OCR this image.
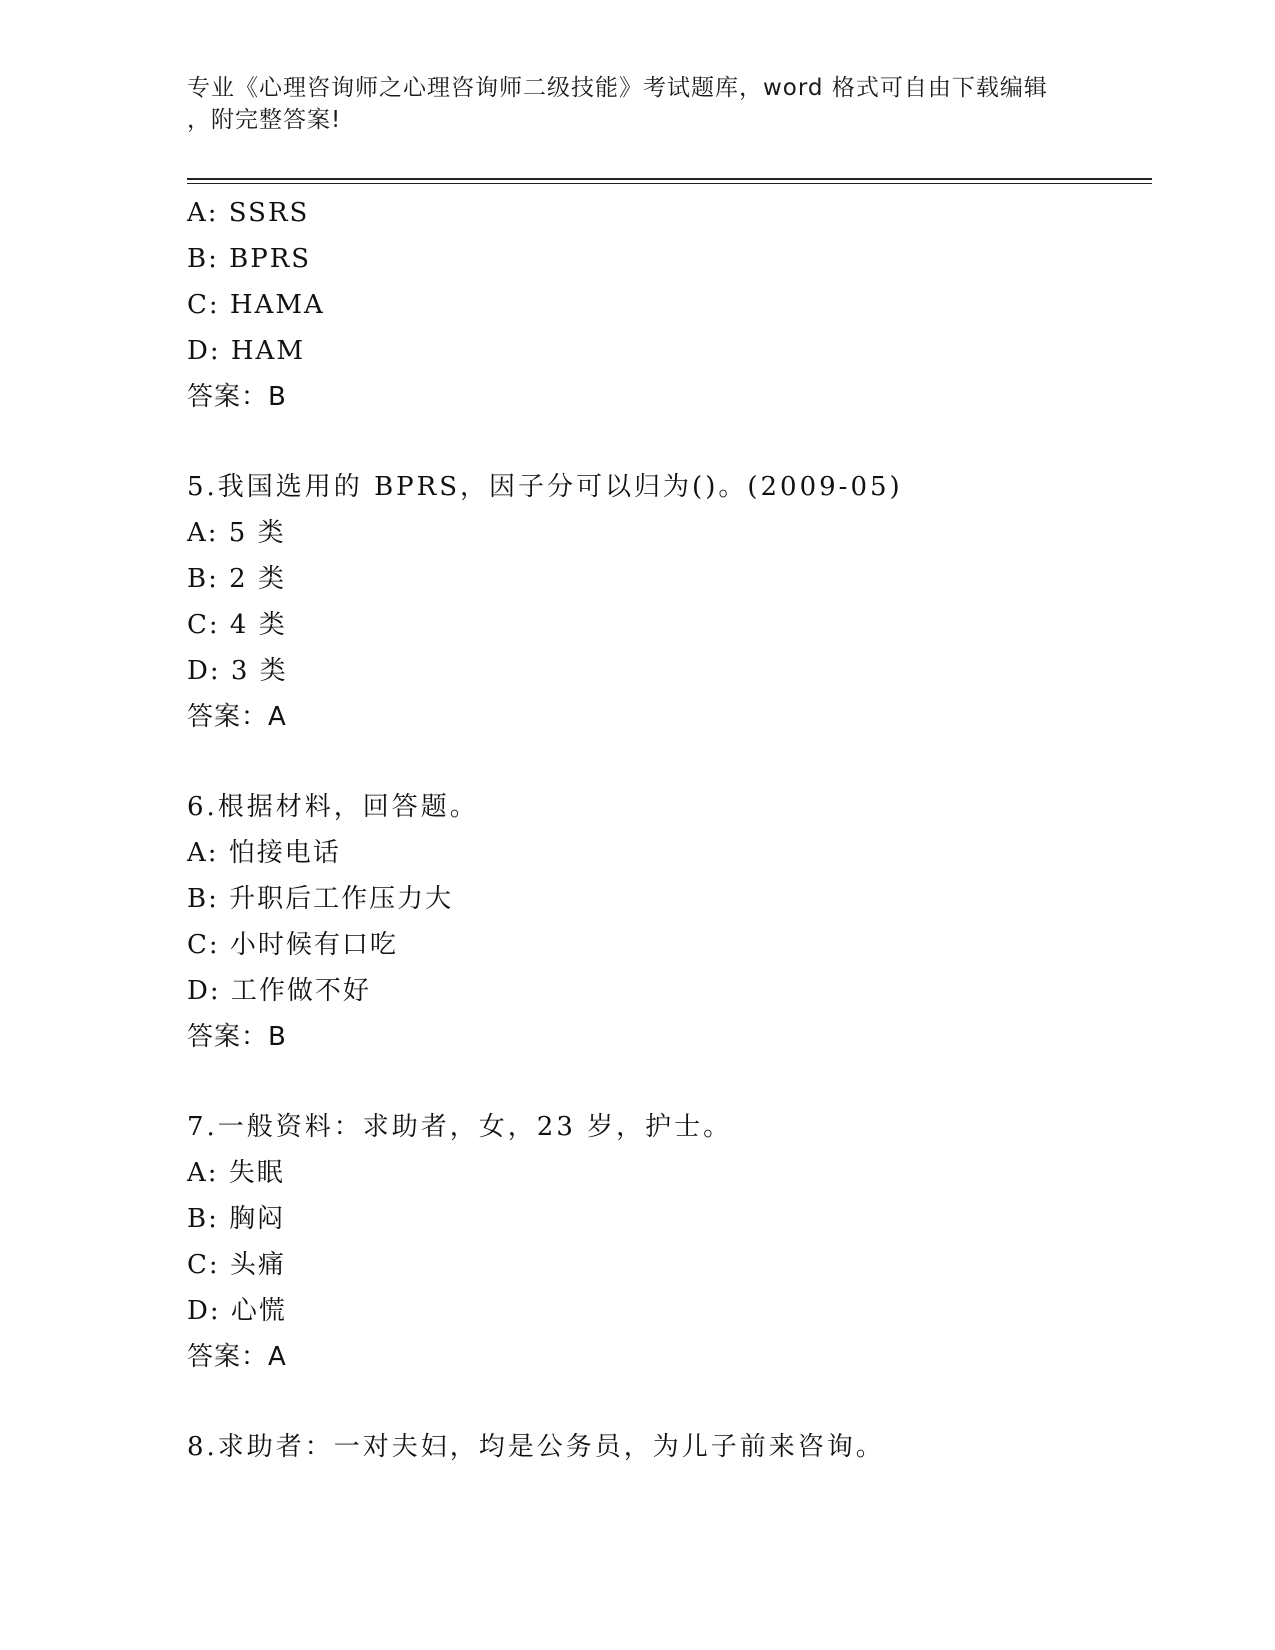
专业《心理咨询师之心理咨询师二级技能》考试题库，word 格式可自由下载编辑
，附完整答案!
A: SSRS
B: BPRS
C: HAMA
D: HAM
答案：B
5.我国选用的 BPRS，因子分可以归为()。(2009-05)
A: 5 类
B: 2 类
C: 4 类
D: 3 类
答案：A
6.根据材料，回答题。
A: 怕接电话
B: 升职后工作压力大
C: 小时候有口吃
D: 工作做不好
答案：B
7.一般资料：求助者，女，23 岁，护士。
A: 失眠
B: 胸闷
C: 头痛
D: 心慌
答案：A
8.求助者：一对夫妇，均是公务员，为儿子前来咨询。
